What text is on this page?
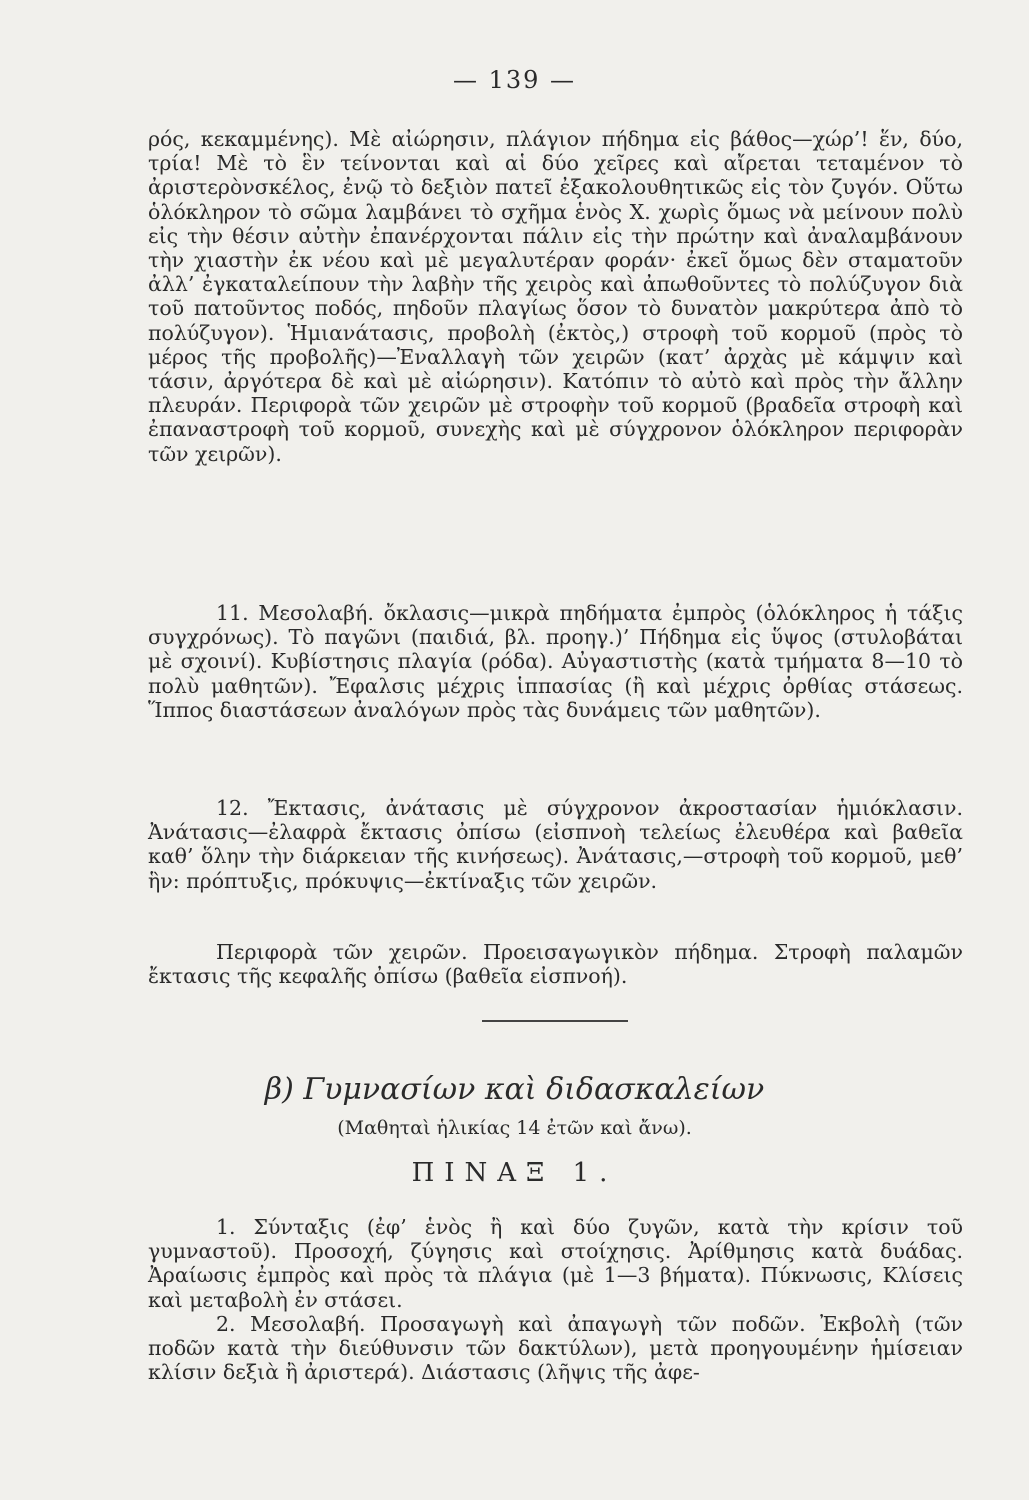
— 139 —

ρός, κεκαμμένης). Μὲ αἰώρησιν, πλάγιον πήδημα εἰς βάθος—χώρ’! ἕν, δύο, τρία! Μὲ τὸ ἓν τείνονται καὶ αἱ δύο χεῖρες καὶ αἴρεται τεταμένον τὸ ἀριστερὸνσκέλος, ἐνῷ τὸ δεξιὸν πατεῖ ἐξακολουθητικῶς εἰς τὸν ζυγόν. Οὕτω ὁλόκληρον τὸ σῶμα λαμβάνει τὸ σχῆμα ἑνὸς Χ. χωρὶς ὅμως νὰ μείνουν πολὺ εἰς τὴν θέσιν αὐτὴν ἐπανέρχονται πάλιν εἰς τὴν πρώτην καὶ ἀναλαμβάνουν τὴν χιαστὴν ἐκ νέου καὶ μὲ μεγαλυτέραν φοράν· ἐκεῖ ὅμως δὲν σταματοῦν ἀλλ’ ἐγκαταλείπουν τὴν λαβὴν τῆς χειρὸς καὶ ἀπωθοῦντες τὸ πολύζυγον διὰ τοῦ πατοῦντος ποδός, πηδοῦν πλαγίως ὅσον τὸ δυνατὸν μακρύτερα ἀπὸ τὸ πολύζυγον). Ἡμιανάτασις, προβολὴ (ἐκτὸς,) στροφὴ τοῦ κορμοῦ (πρὸς τὸ μέρος τῆς προβολῆς)—Ἐναλλαγὴ τῶν χειρῶν (κατ’ ἀρχὰς μὲ κάμψιν καὶ τάσιν, ἀργότερα δὲ καὶ μὲ αἰώρησιν). Κατόπιν τὸ αὐτὸ καὶ πρὸς τὴν ἄλλην πλευράν. Περιφορὰ τῶν χειρῶν μὲ στροφὴν τοῦ κορμοῦ (βραδεῖα στροφὴ καὶ ἐπαναστροφὴ τοῦ κορμοῦ, συνεχὴς καὶ μὲ σύγχρονον ὁλόκληρον περιφορὰν τῶν χειρῶν).

11. Μεσολαβή. ὄκλασις—μικρὰ πηδήματα ἐμπρὸς (ὁλόκληρος ἡ τάξις συγχρόνως). Τὸ παγῶνι (παιδιά, βλ. προηγ.)’ Πήδημα εἰς ὕψος (στυλοβάται μὲ σχοινί). Κυβίστησις πλαγία (ρόδα). Αὐγαστιστὴς (κατὰ τμήματα 8—10 τὸ πολὺ μαθητῶν). Ἔφαλσις μέχρις ἱππασίας (ἢ καὶ μέχρις ὀρθίας στάσεως. Ἵππος διαστάσεων ἀναλόγων πρὸς τὰς δυνάμεις τῶν μαθητῶν).

12. Ἔκτασις, ἀνάτασις μὲ σύγχρονον ἀκροστασίαν ἡμιόκλασιν. Ἀνάτασις—ἐλαφρὰ ἔκτασις ὀπίσω (εἰσπνοὴ τελείως ἐλευθέρα καὶ βαθεῖα καθ’ ὅλην τὴν διάρκειαν τῆς κινήσεως). Ἀνάτασις,—στροφὴ τοῦ κορμοῦ, μεθ’ ἣν: πρόπτυξις, πρόκυψις—ἐκτίναξις τῶν χειρῶν.

Περιφορὰ τῶν χειρῶν. Προεισαγωγικὸν πήδημα. Στροφὴ παλαμῶν ἔκτασις τῆς κεφαλῆς ὀπίσω (βαθεῖα εἰσπνοή).

β) Γυμνασίων καὶ διδασκαλείων
(Μαθηταὶ ἡλικίας 14 ἐτῶν καὶ ἄνω).
ΠΙΝΑΞ 1.

1. Σύνταξις (ἐφ’ ἑνὸς ἢ καὶ δύο ζυγῶν, κατὰ τὴν κρίσιν τοῦ γυμναστοῦ). Προσοχή, ζύγησις καὶ στοίχησις. Ἀρίθμησις κατὰ δυάδας. Ἀραίωσις ἐμπρὸς καὶ πρὸς τὰ πλάγια (μὲ 1—3 βήματα). Πύκνωσις, Κλίσεις καὶ μεταβολὴ ἐν στάσει.

2. Μεσολαβή. Προσαγωγὴ καὶ ἀπαγωγὴ τῶν ποδῶν. Ἐκβολὴ (τῶν ποδῶν κατὰ τὴν διεύθυνσιν τῶν δακτύλων), μετὰ προηγουμένην ἡμίσειαν κλίσιν δεξιὰ ἢ ἀριστερά). Διάστασις (λῆψις τῆς ἀφε-
